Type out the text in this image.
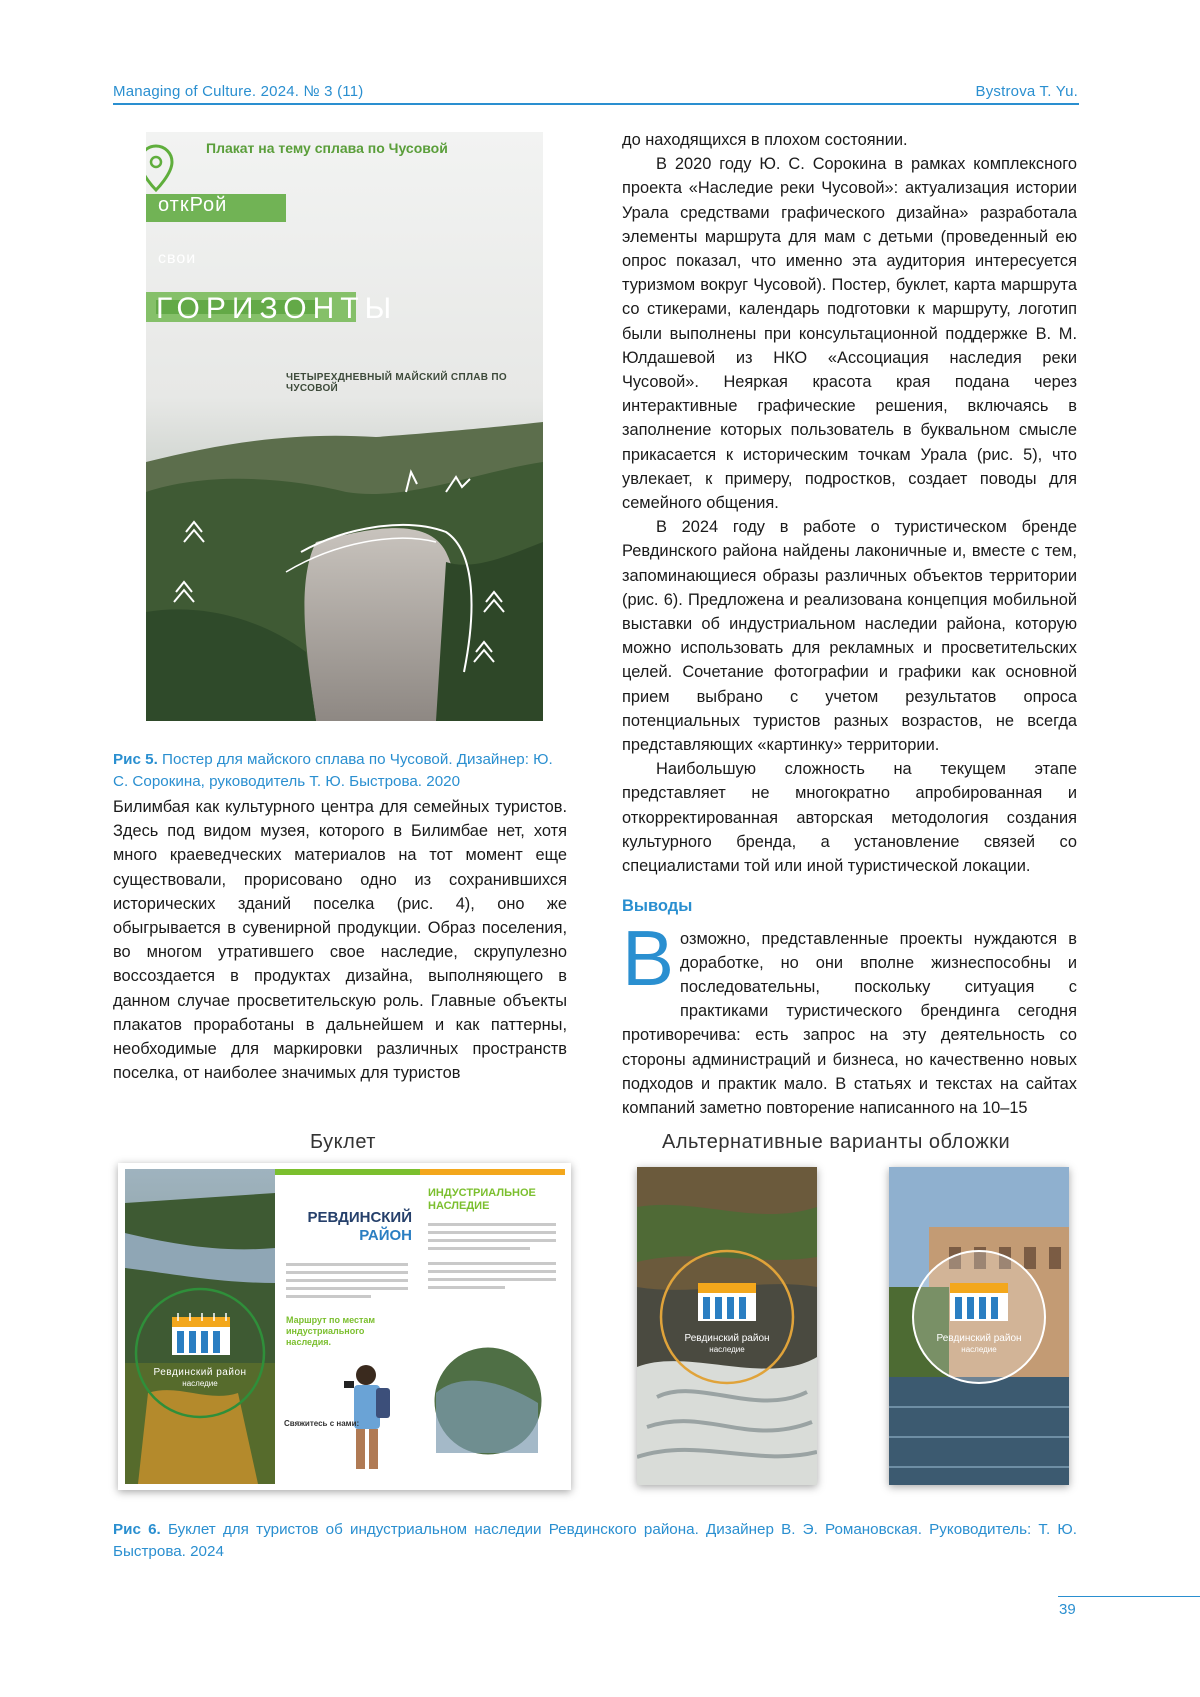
Managing of Culture. 2024. № 3 (11)	Bystrova T. Yu.
Плакат на тему сплава по Чусовой
откРой
свои
ГОРИЗОНТЫ
ЧЕТЫРЕХДНЕВНЫЙ МАЙСКИЙ СПЛАВ ПО ЧУСОВОЙ
Рис 5. Постер для майского сплава по Чусовой. Дизайнер: Ю. С. Сорокина, руководитель Т. Ю. Быстрова. 2020

Билимбая как культурного центра для семейных туристов. Здесь под видом музея, которого в Билимбае нет, хотя много краеведческих материалов на тот момент еще существовали, прорисовано одно из сохранившихся исторических зданий поселка (рис. 4), оно же обыгрывается в сувенирной продукции. Образ поселения, во многом утратившего свое наследие, скрупулезно воссоздается в продуктах дизайна, выполняющего в данном случае просветительскую роль. Главные объекты плакатов проработаны в дальнейшем и как паттерны, необходимые для маркировки различных пространств поселка, от наиболее значимых для туристов

до находящихся в плохом состоянии.

В 2020 году Ю. С. Сорокина в рамках комплексного проекта «Наследие реки Чусовой»: актуализация истории Урала средствами графического дизайна» разработала элементы маршрута для мам с детьми (проведенный ею опрос показал, что именно эта аудитория интересуется туризмом вокруг Чусовой). Постер, буклет, карта маршрута со стикерами, календарь подготовки к маршруту, логотип были выполнены при консультационной поддержке В. М. Юлдашевой из НКО «Ассоциация наследия реки Чусовой». Неяркая красота края подана через интерактивные графические решения, включаясь в заполнение которых пользователь в буквальном смысле прикасается к историческим точкам Урала (рис. 5), что увлекает, к примеру, подростков, создает поводы для семейного общения.

В 2024 году в работе о туристическом бренде Ревдинского района найдены лаконичные и, вместе с тем, запоминающиеся образы различных объектов территории (рис. 6). Предложена и реализована концепция мобильной выставки об индустриальном наследии района, которую можно использовать для рекламных и просветительских целей. Сочетание фотографии и графики как основной прием выбрано с учетом результатов опроса потенциальных туристов разных возрастов, не всегда представляющих «картинку» территории.

Наибольшую сложность на текущем этапе представляет не многократно апробированная и откорректированная авторская методология создания культурного бренда, а установление связей со специалистами той или иной туристической локации.

Выводы

Возможно, представленные проекты нуждаются в доработке, но они вполне жизнеспособны и последовательны, поскольку ситуация с практиками туристического брендинга сегодня противоречива: есть запрос на эту деятельность со стороны администраций и бизнеса, но качественно новых подходов и практик мало. В статьях и текстах на сайтах компаний заметно повторение написанного на 10–15

Буклет	Альтернативные варианты обложки
Ревдинский район
наследие
РЕВДИНСКИЙ
РАЙОН
Маршрут по местам индустриального наследия.
Свяжитесь с нами:
ИНДУСТРИАЛЬНОЕ НАСЛЕДИЕ
Ревдинский район
наследие
Ревдинский район
наследие
Рис 6. Буклет для туристов об индустриальном наследии Ревдинского района. Дизайнер В. Э. Романовская. Руководитель: Т. Ю. Быстрова. 2024
39
